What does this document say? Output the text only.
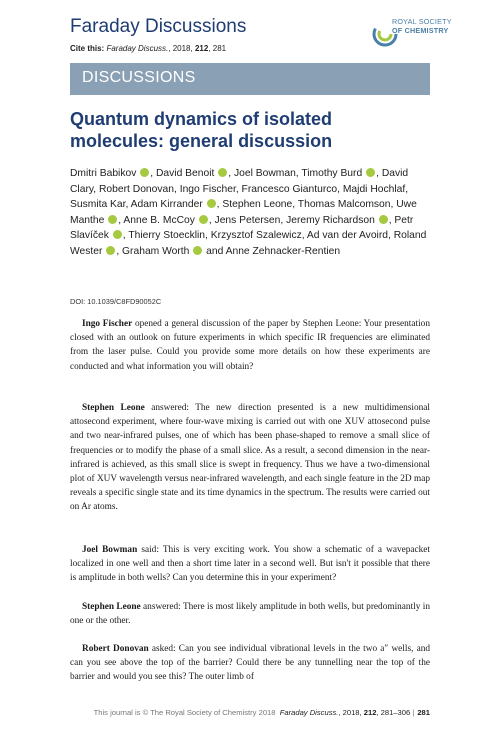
Faraday Discussions
Cite this: Faraday Discuss., 2018, 212, 281
ROYAL SOCIETY
OF CHEMISTRY
DISCUSSIONS
Quantum dynamics of isolated molecules: general discussion
Dmitri Babikov , David Benoit , Joel Bowman, Timothy Burd , David Clary, Robert Donovan, Ingo Fischer, Francesco Gianturco, Majdi Hochlaf, Susmita Kar, Adam Kirrander , Stephen Leone, Thomas Malcomson, Uwe Manthe , Anne B. McCoy , Jens Petersen, Jeremy Richardson , Petr Slavíček , Thierry Stoecklin, Krzysztof Szalewicz, Ad van der Avoird, Roland Wester , Graham Worth  and Anne Zehnacker-Rentien
DOI: 10.1039/C8FD90052C
Ingo Fischer opened a general discussion of the paper by Stephen Leone: Your presentation closed with an outlook on future experiments in which specific IR frequencies are eliminated from the laser pulse. Could you provide some more details on how these experiments are conducted and what information you will obtain?
Stephen Leone answered: The new direction presented is a new multidimensional attosecond experiment, where four-wave mixing is carried out with one XUV attosecond pulse and two near-infrared pulses, one of which has been phase-shaped to remove a small slice of frequencies or to modify the phase of a small slice. As a result, a second dimension in the near-infrared is achieved, as this small slice is swept in frequency. Thus we have a two-dimensional plot of XUV wavelength versus near-infrared wavelength, and each single feature in the 2D map reveals a specific single state and its time dynamics in the spectrum. The results were carried out on Ar atoms.
Joel Bowman said: This is very exciting work. You show a schematic of a wavepacket localized in one well and then a short time later in a second well. But isn't it possible that there is amplitude in both wells? Can you determine this in your experiment?
Stephen Leone answered: There is most likely amplitude in both wells, but predominantly in one or the other.
Robert Donovan asked: Can you see individual vibrational levels in the two a″ wells, and can you see above the top of the barrier? Could there be any tunnelling near the top of the barrier and would you see this? The outer limb of
This journal is © The Royal Society of Chemistry 2018 Faraday Discuss., 2018, 212, 281–306 | 281
